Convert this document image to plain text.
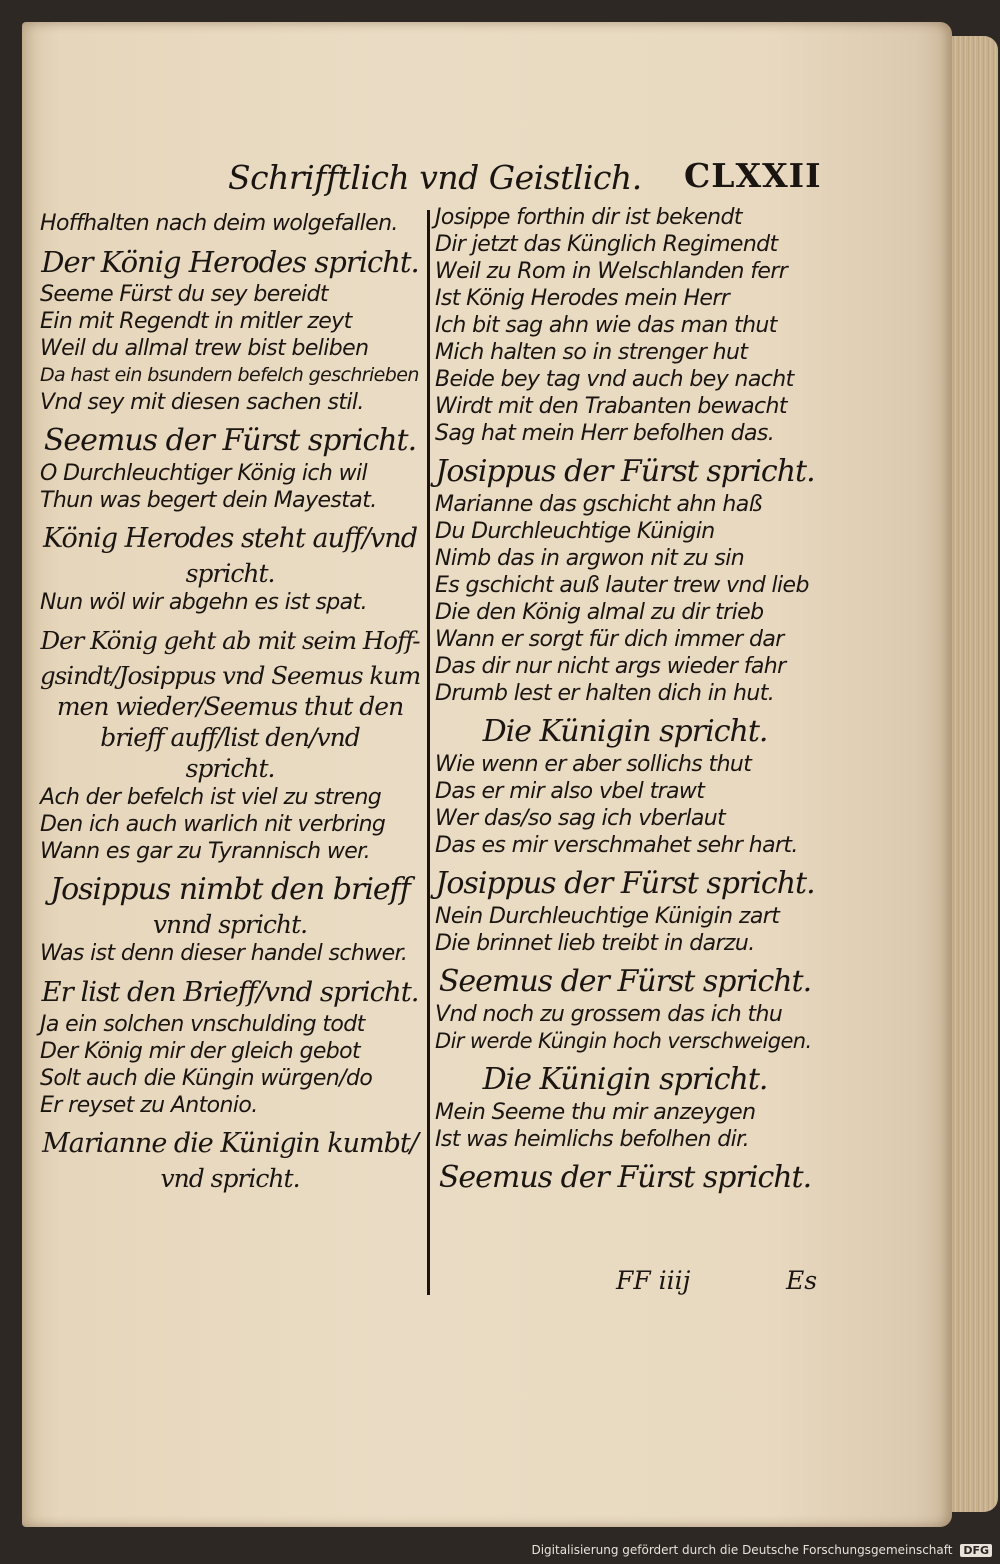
Schrifftlich vnd Geistlich. CLXXII
Hoffhalten nach deim wolgefallen.
Der König Herodes spricht.
Seeme Fürst du sey bereidt
Ein mit Regendt in mitler zeyt
Weil du allmal trew bist beliben
Da hast ein bsundern befelch geschrieben
Vnd sey mit diesen sachen stil.
Seemus der Fürst spricht.
O Durchleuchtiger König ich wil
Thun was begert dein Mayestat.
König Herodes steht auff/vnd
spricht.
Nun wöl wir abgehn es ist spat.
Der König geht ab mit seim Hoff-
gsindt/Josippus vnd Seemus kum
men wieder/Seemus thut den
brieff auff/list den/vnd
spricht.
Ach der befelch ist viel zu streng
Den ich auch warlich nit verbring
Wann es gar zu Tyrannisch wer.
Josippus nimbt den brieff
vnnd spricht.
Was ist denn dieser handel schwer.
Er list den Brieff/vnd spricht.
Ja ein solchen vnschulding todt
Der König mir der gleich gebot
Solt auch die Küngin würgen/do
Er reyset zu Antonio.
Marianne die Künigin kumbt/
vnd spricht.
Josippe forthin dir ist bekendt
Dir jetzt das Künglich Regimendt
Weil zu Rom in Welschlanden ferr
Ist König Herodes mein Herr
Ich bit sag ahn wie das man thut
Mich halten so in strenger hut
Beide bey tag vnd auch bey nacht
Wirdt mit den Trabanten bewacht
Sag hat mein Herr befolhen das.
Josippus der Fürst spricht.
Marianne das gschicht ahn haß
Du Durchleuchtige Künigin
Nimb das in argwon nit zu sin
Es gschicht auß lauter trew vnd lieb
Die den König almal zu dir trieb
Wann er sorgt für dich immer dar
Das dir nur nicht args wieder fahr
Drumb lest er halten dich in hut.
Die Künigin spricht.
Wie wenn er aber sollichs thut
Das er mir also vbel trawt
Wer das/so sag ich vberlaut
Das es mir verschmahet sehr hart.
Josippus der Fürst spricht.
Nein Durchleuchtige Künigin zart
Die brinnet lieb treibt in darzu.
Seemus der Fürst spricht.
Vnd noch zu grossem das ich thu
Dir werde Küngin hoch verschweigen.
Die Künigin spricht.
Mein Seeme thu mir anzeygen
Ist was heimlichs befolhen dir.
Seemus der Fürst spricht.
FF iiij	Es
Digitalisierung gefördert durch die Deutsche Forschungsgemeinschaft DFG
